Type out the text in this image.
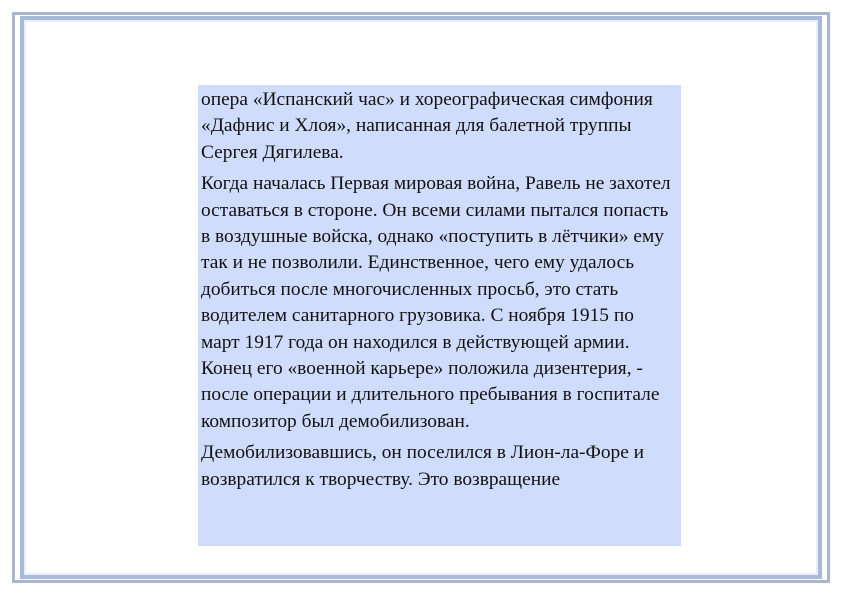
опера «Испанский час» и хореографическая симфония «Дафнис и Хлоя», написанная для балетной труппы Сергея Дягилева.

Когда началась Первая мировая война, Равель не захотел оставаться в стороне. Он всеми силами пытался попасть в воздушные войска, однако «поступить в лётчики» ему так и не позволили. Единственное, чего ему удалось добиться после многочисленных просьб, это стать водителем санитарного грузовика. С ноября 1915 по март 1917 года он находился в действующей армии. Конец его «военной карьере» положила дизентерия, - после операции и длительного пребывания в госпитале композитор был демобилизован.

Демобилизовавшись, он поселился в Лион-ла-Форе и возвратился к творчеству. Это возвращение
